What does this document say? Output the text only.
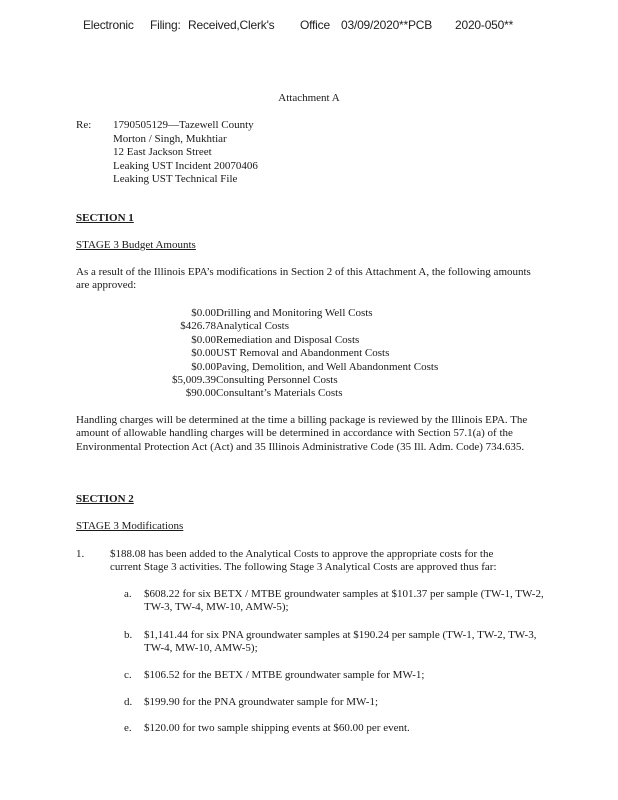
Electronic Filing: Received,Clerk's Office 03/09/2020**PCB 2020-050**
Attachment A
Re: 1790505129—Tazewell County
Morton / Singh, Mukhtiar
12 East Jackson Street
Leaking UST Incident 20070406
Leaking UST Technical File
SECTION 1
STAGE 3 Budget Amounts
As a result of the Illinois EPA’s modifications in Section 2 of this Attachment A, the following amounts are approved:
$0.00 Drilling and Monitoring Well Costs
$426.78 Analytical Costs
$0.00 Remediation and Disposal Costs
$0.00 UST Removal and Abandonment Costs
$0.00 Paving, Demolition, and Well Abandonment Costs
$5,009.39 Consulting Personnel Costs
$90.00 Consultant’s Materials Costs
Handling charges will be determined at the time a billing package is reviewed by the Illinois EPA. The amount of allowable handling charges will be determined in accordance with Section 57.1(a) of the Environmental Protection Act (Act) and 35 Illinois Administrative Code (35 Ill. Adm. Code) 734.635.
SECTION 2
STAGE 3 Modifications
1. $188.08 has been added to the Analytical Costs to approve the appropriate costs for the current Stage 3 activities. The following Stage 3 Analytical Costs are approved thus far:
a. $608.22 for six BETX / MTBE groundwater samples at $101.37 per sample (TW-1, TW-2, TW-3, TW-4, MW-10, AMW-5);
b. $1,141.44 for six PNA groundwater samples at $190.24 per sample (TW-1, TW-2, TW-3, TW-4, MW-10, AMW-5);
c. $106.52 for the BETX / MTBE groundwater sample for MW-1;
d. $199.90 for the PNA groundwater sample for MW-1;
e. $120.00 for two sample shipping events at $60.00 per event.
